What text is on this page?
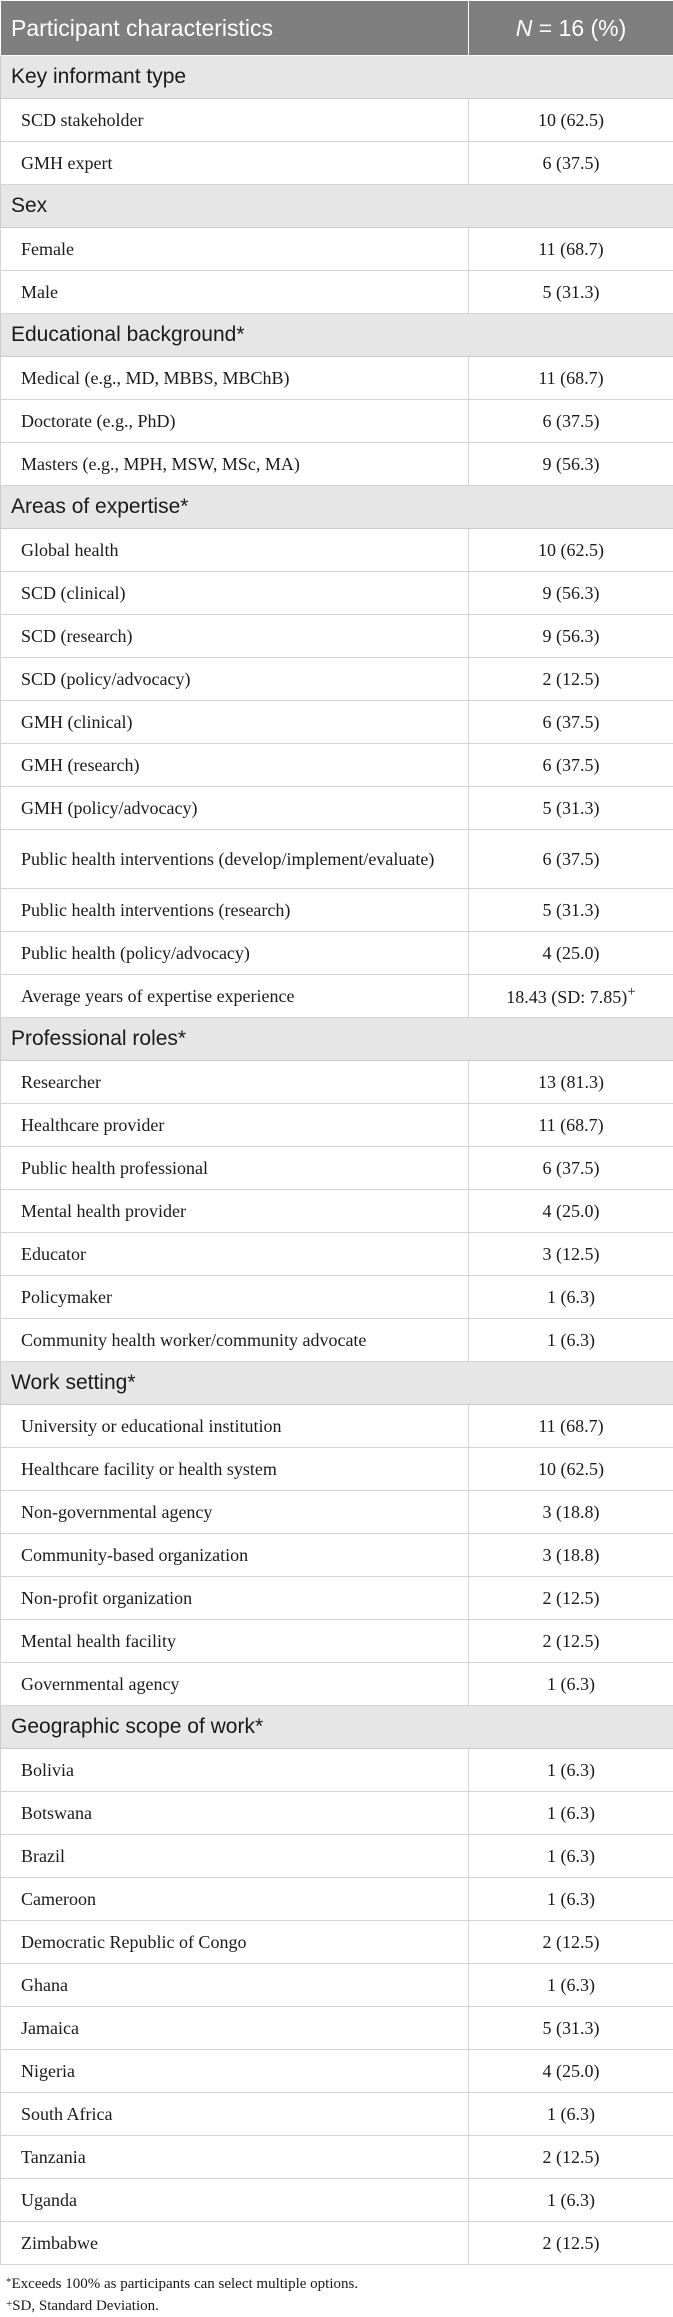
Participant characteristics	N = 16 (%)
Key informant type	
SCD stakeholder	10 (62.5)
GMH expert	6 (37.5)
Sex	
Female	11 (68.7)
Male	5 (31.3)
Educational background*	
Medical (e.g., MD, MBBS, MBChB)	11 (68.7)
Doctorate (e.g., PhD)	6 (37.5)
Masters (e.g., MPH, MSW, MSc, MA)	9 (56.3)
Areas of expertise*	
Global health	10 (62.5)
SCD (clinical)	9 (56.3)
SCD (research)	9 (56.3)
SCD (policy/advocacy)	2 (12.5)
GMH (clinical)	6 (37.5)
GMH (research)	6 (37.5)
GMH (policy/advocacy)	5 (31.3)
Public health interventions (develop/implement/evaluate)	6 (37.5)
Public health interventions (research)	5 (31.3)
Public health (policy/advocacy)	4 (25.0)
Average years of expertise experience	18.43 (SD: 7.85)+
Professional roles*	
Researcher	13 (81.3)
Healthcare provider	11 (68.7)
Public health professional	6 (37.5)
Mental health provider	4 (25.0)
Educator	3 (12.5)
Policymaker	1 (6.3)
Community health worker/community advocate	1 (6.3)
Work setting*	
University or educational institution	11 (68.7)
Healthcare facility or health system	10 (62.5)
Non-governmental agency	3 (18.8)
Community-based organization	3 (18.8)
Non-profit organization	2 (12.5)
Mental health facility	2 (12.5)
Governmental agency	1 (6.3)
Geographic scope of work*	
Bolivia	1 (6.3)
Botswana	1 (6.3)
Brazil	1 (6.3)
Cameroon	1 (6.3)
Democratic Republic of Congo	2 (12.5)
Ghana	1 (6.3)
Jamaica	5 (31.3)
Nigeria	4 (25.0)
South Africa	1 (6.3)
Tanzania	2 (12.5)
Uganda	1 (6.3)
Zimbabwe	2 (12.5)
*Exceeds 100% as participants can select multiple options.
+SD, Standard Deviation.
